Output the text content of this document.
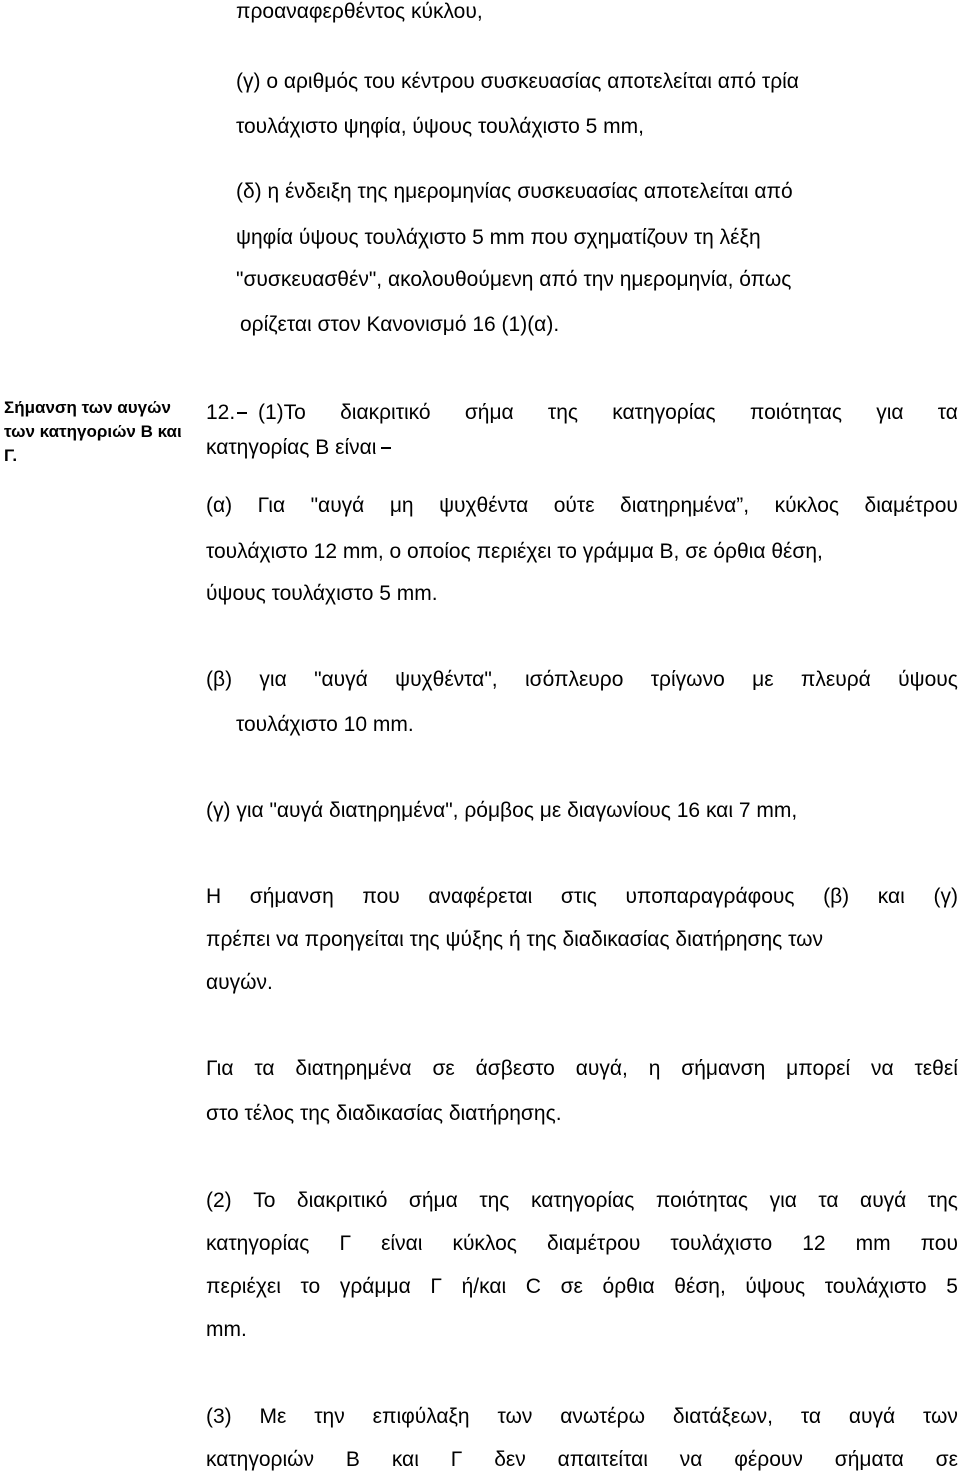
προαναφερθέντος κύκλου,
(γ) ο αριθμός του κέντρου συσκευασίας αποτελείται από τρία
τουλάχιστο ψηφία, ύψους τουλάχιστο 5 mm,
(δ) η ένδειξη της ημερομηνίας συσκευασίας αποτελείται από
ψηφία ύψους τουλάχιστο 5 mm που σχηματίζουν τη λέξη
"συσκευασθέν", ακολουθούμενη από την ημερομηνία, όπως
ορίζεται στον Κανονισμό 16 (1)(α).
Σήμανση των αυγών των κατηγοριών Β και Γ.
12.	(1)Το διακριτικό σήμα της κατηγορίας ποιότητας για τα
κατηγορίας Β είναι
(α) Για "αυγά μη ψυχθέντα ούτε διατηρημένα”, κύκλος διαμέτρου
τουλάχιστο 12 mm, ο οποίος περιέχει το γράμμα Β, σε όρθια θέση,
ύψους τουλάχιστο 5 mm.
(β) για "αυγά ψυχθέντα", ισόπλευρο τρίγωνο με πλευρά ύψους
τουλάχιστο 10 mm.
(γ) για "αυγά διατηρημένα", ρόμβος με διαγωνίους 16 και 7 mm,
Η σήμανση που αναφέρεται στις υποπαραγράφους (β) και (γ)
πρέπει να προηγείται της ψύξης ή της διαδικασίας διατήρησης των
αυγών.
Για τα διατηρημένα σε άσβεστο αυγά, η σήμανση μπορεί να τεθεί
στο τέλος της διαδικασίας διατήρησης.
(2) Το διακριτικό σήμα της κατηγορίας ποιότητας για τα αυγά της
κατηγορίας Γ είναι κύκλος διαμέτρου τουλάχιστο 12 mm που
περιέχει το γράμμα Γ ή/και C σε όρθια θέση, ύψους τουλάχιστο 5
mm.
(3) Με την επιφύλαξη των ανωτέρω διατάξεων, τα αυγά των
κατηγοριών Β και Γ δεν απαιτείται να φέρουν σήματα σε
